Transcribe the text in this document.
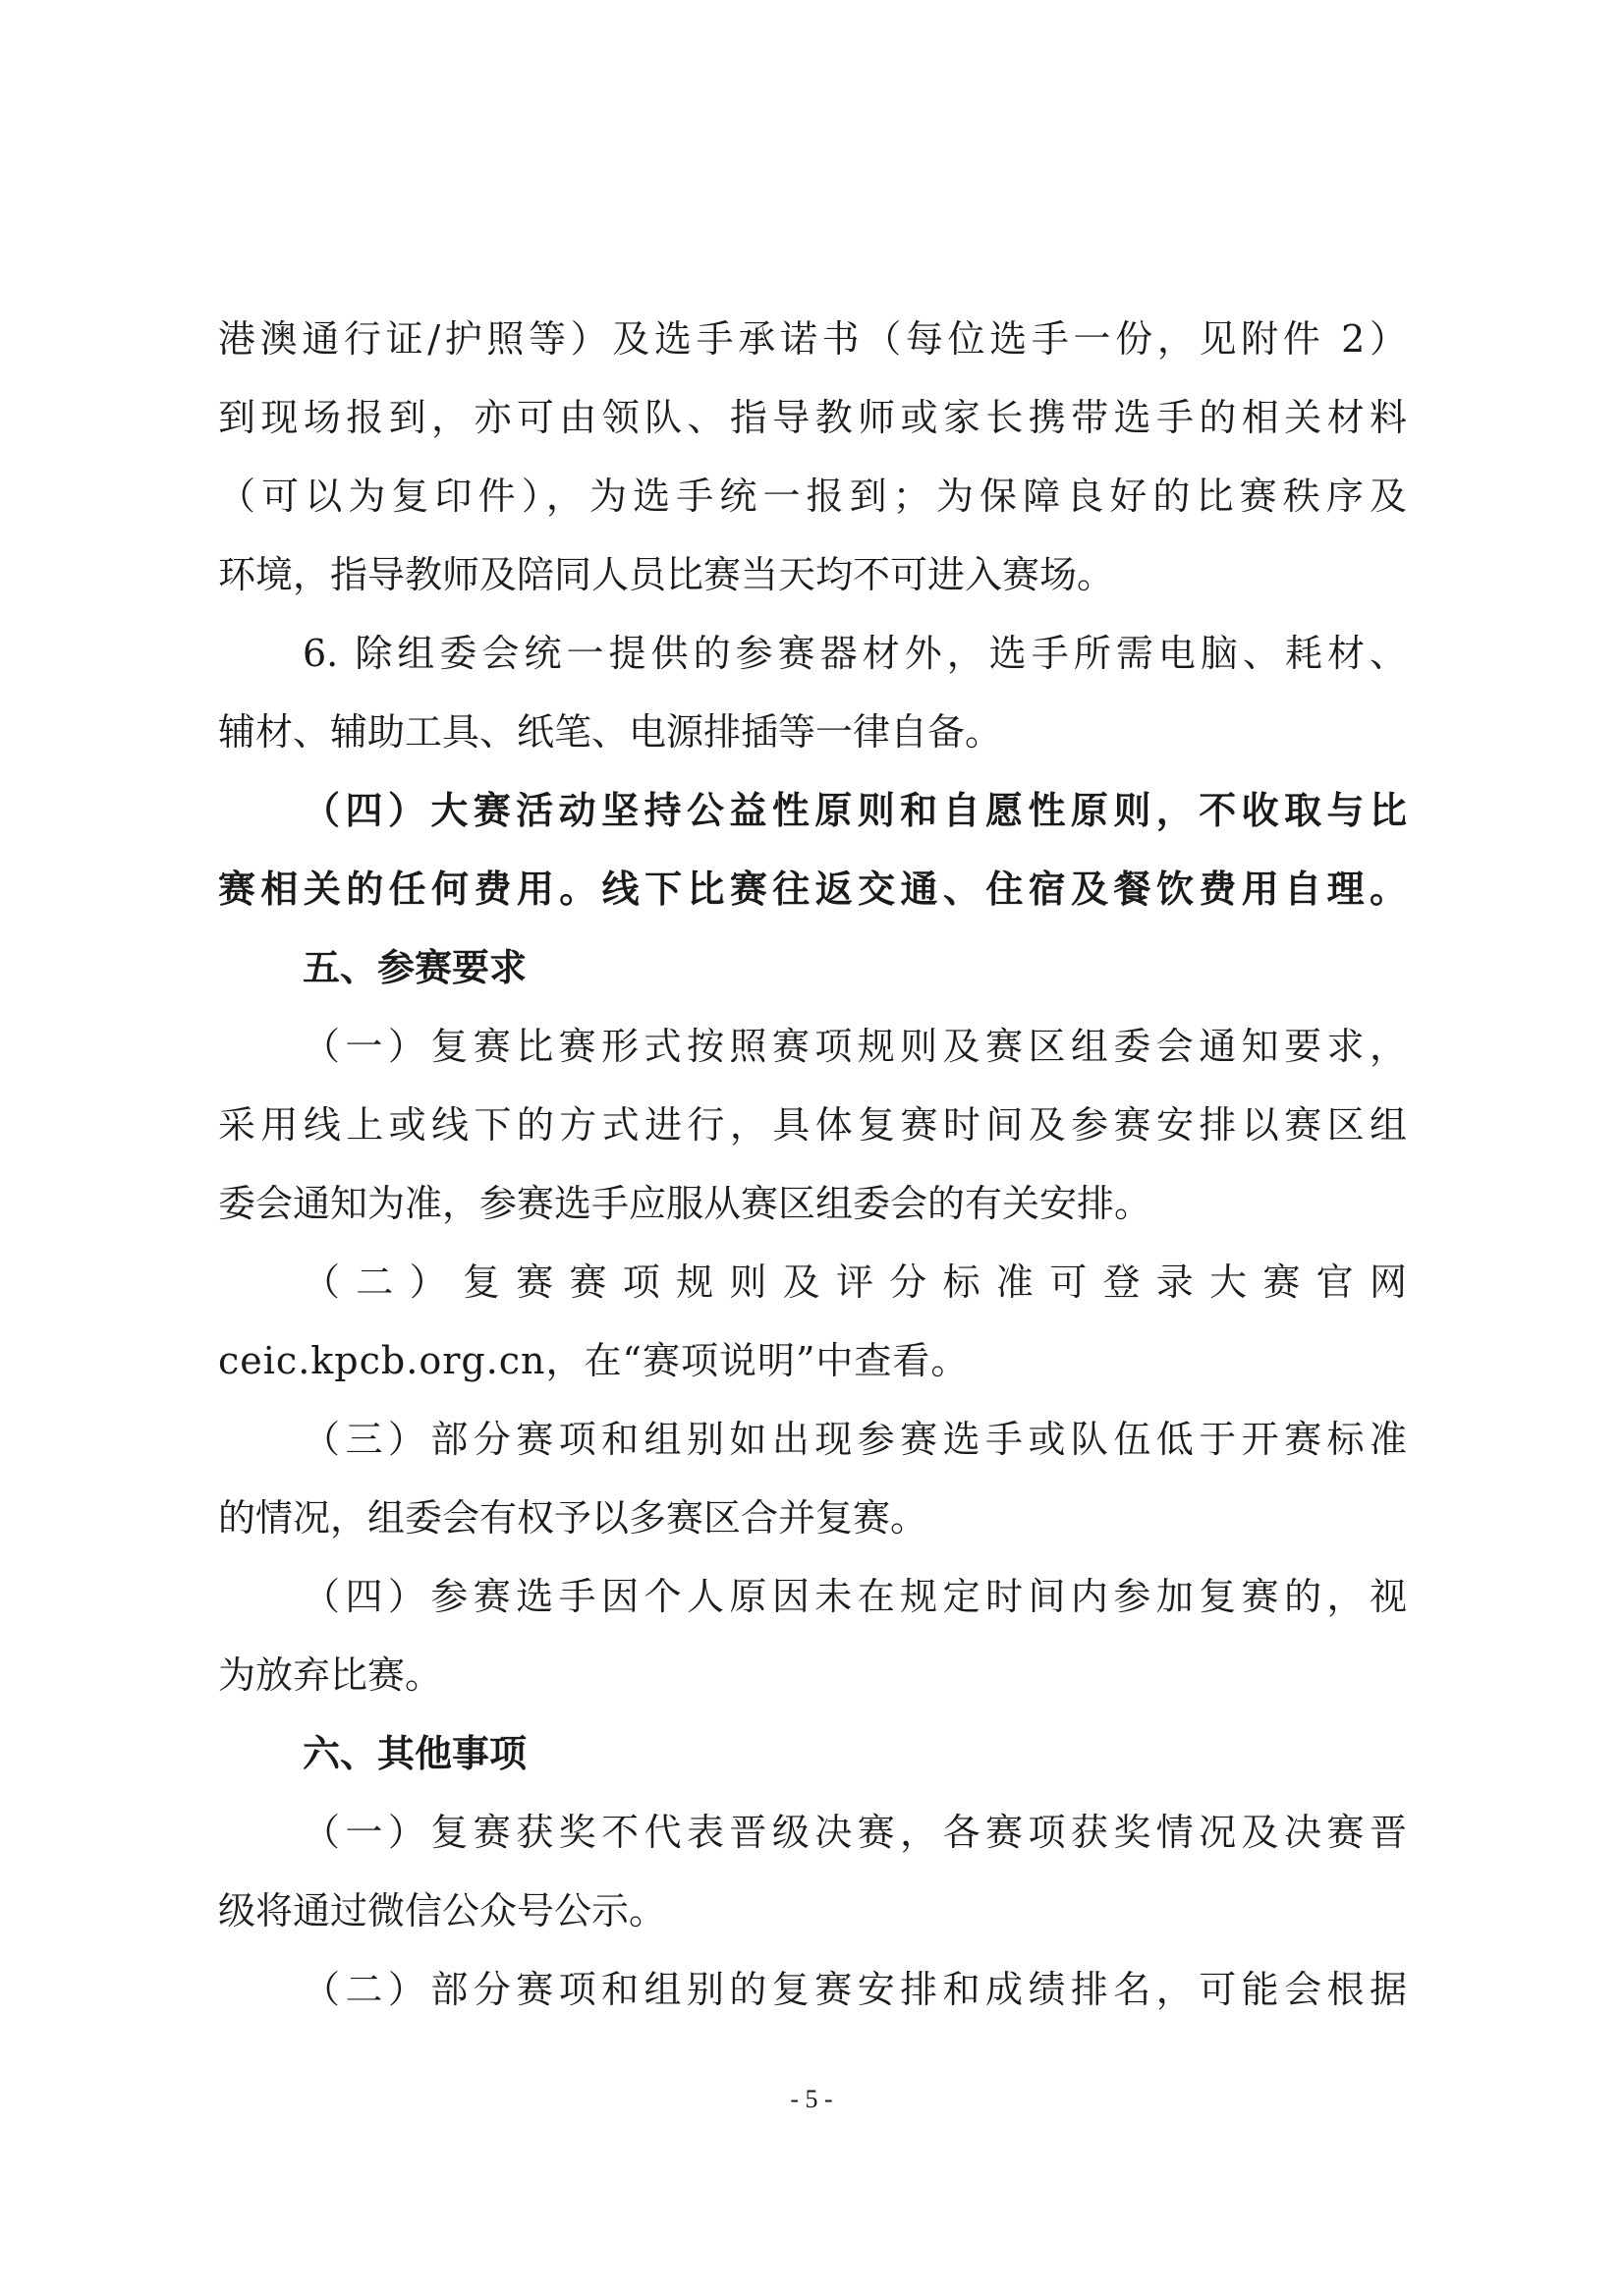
港澳通行证/护照等）及选手承诺书（每位选手一份，见附件 2）
到现场报到，亦可由领队、指导教师或家长携带选手的相关材料
（可以为复印件），为选手统一报到；为保障良好的比赛秩序及
环境，指导教师及陪同人员比赛当天均不可进入赛场。
6. 除组委会统一提供的参赛器材外，选手所需电脑、耗材、
辅材、辅助工具、纸笔、电源排插等一律自备。
（四）大赛活动坚持公益性原则和自愿性原则，不收取与比
赛相关的任何费用。线下比赛往返交通、住宿及餐饮费用自理。
五、参赛要求
（一）复赛比赛形式按照赛项规则及赛区组委会通知要求，
采用线上或线下的方式进行，具体复赛时间及参赛安排以赛区组
委会通知为准，参赛选手应服从赛区组委会的有关安排。
（二）复赛赛项规则及评分标准可登录大赛官网
ceic.kpcb.org.cn，在“赛项说明”中查看。
（三）部分赛项和组别如出现参赛选手或队伍低于开赛标准
的情况，组委会有权予以多赛区合并复赛。
（四）参赛选手因个人原因未在规定时间内参加复赛的，视
为放弃比赛。
六、其他事项
（一）复赛获奖不代表晋级决赛，各赛项获奖情况及决赛晋
级将通过微信公众号公示。
（二）部分赛项和组别的复赛安排和成绩排名，可能会根据
- 5 -
